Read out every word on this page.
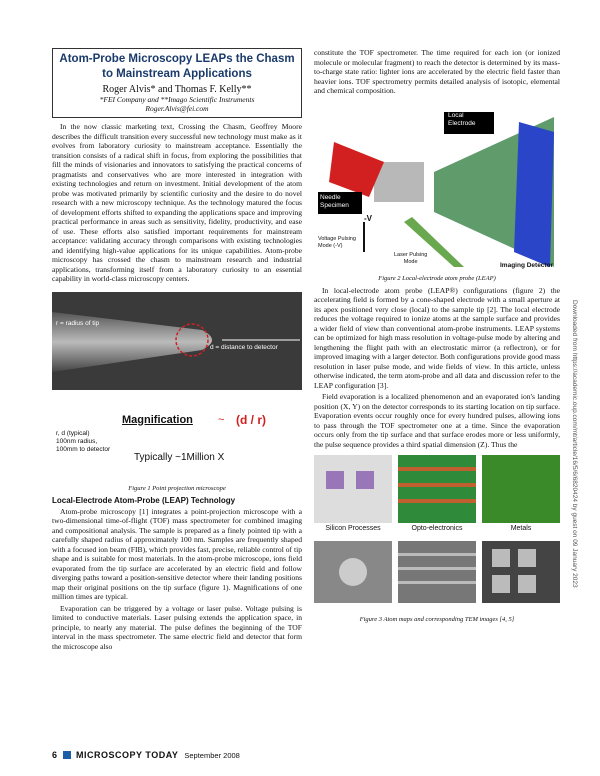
Atom-Probe Microscopy LEAPs the Chasm to Mainstream Applications
Roger Alvis* and Thomas F. Kelly**
*FEI Company and **Imago Scientific Instruments
Roger.Alvis@fei.com

In the now classic marketing text, Crossing the Chasm, Geoffrey Moore describes the difficult transition every successful new technology must make as it evolves from laboratory curiosity to mainstream acceptance. Essentially the transition consists of a radical shift in focus, from exploring the possibilities that fill the minds of visionaries and innovators to satisfying the practical concerns of pragmatists and conservatives who are more interested in integration with existing technologies and return on investment. Initial development of the atom probe was motivated primarily by scientific curiosity and the desire to do novel research with a new microscopy technique. As the technology matured the focus of development efforts shifted to expanding the applications space and improving practical performance in areas such as sensitivity, fidelity, productivity, and ease of use. These efforts also satisfied important requirements for mainstream acceptance: validating accuracy through comparisons with existing technologies and identifying high-value applications for its unique capabilities. Atom-probe microscopy has crossed the chasm to mainstream research and industrial applications, transforming itself from a laboratory curiosity to an essential capability in world-class microscopy centers.

r = radius of tip
d = distance to detector
Magnification ~ (d / r)
r, d (typical)
100nm radius,
100mm to detector
Typically ~1Million X
Figure 1 Point projection microscope
Local-Electrode Atom-Probe (LEAP) Technology

Atom-probe microscopy [1] integrates a point-projection microscope with a two-dimensional time-of-flight (TOF) mass spectrometer for combined imaging and compositional analysis. The sample is prepared as a finely pointed tip with a carefully shaped radius of approximately 100 nm. Samples are frequently shaped with a focused ion beam (FIB), which provides fast, precise, reliable control of tip shape and is suitable for most materials. In the atom-probe microscope, ions field evaporated from the tip surface are accelerated by an electric field and follow diverging paths toward a position-sensitive detector where their landing positions map their original positions on the tip surface (figure 1). Magnifications of one million times are typical.

Evaporation can be triggered by a voltage or laser pulse. Voltage pulsing is limited to conductive materials. Laser pulsing extends the application space, in principle, to nearly any material. The pulse defines the beginning of the TOF interval in the mass spectrometer. The same electric field and detector that form the microscope also

constitute the TOF spectrometer. The time required for each ion (or ionized molecule or molecular fragment) to reach the detector is determined by its mass-to-charge state ratio: lighter ions are accelerated by the electric field faster than heavier ions. TOF spectrometry permits detailed analysis of isotopic, elemental and chemical composition.

Local
Electrode
Needle
Specimen
-V
Voltage Pulsing
Mode (-V)
Laser Pulsing
Mode	Imaging Detector
Figure 2 Local-electrode atom probe (LEAP)

In local-electrode atom probe (LEAP®) configurations (figure 2) the accelerating field is formed by a cone-shaped electrode with a small aperture at its apex positioned very close (local) to the sample tip [2]. The local electrode reduces the voltage required to ionize atoms at the sample surface and provides a wider field of view than conventional atom-probe instruments. LEAP systems can be optimized for high mass resolution in voltage-pulse mode by altering and lengthening the flight path with an electrostatic mirror (a reflectron), or for improved imaging with a larger detector. Both configurations provide good mass resolution in laser pulse mode, and wide fields of view. In this article, unless otherwise indicated, the term atom-probe and all data and discussion refer to the LEAP configuration [3].

Field evaporation is a localized phenomenon and an evaporated ion's landing position (X, Y) on the detector corresponds to its starting location on tip surface. Evaporation events occur roughly once for every hundred pulses, allowing ions to pass through the TOF spectrometer one at a time. Since the evaporation occurs only from the tip surface and that surface erodes more or less uniformly, the pulse sequence provides a third spatial dimension (Z). Thus the

Silicon Processes	Opto-electronics	Metals
Figure 3 Atom maps and corresponding TEM images [4, 5]
6 MICROSCOPY TODAY September 2008
Downloaded from https://academic.oup.com/mt/article/16/5/6/6820424 by guest on 09 January 2023
